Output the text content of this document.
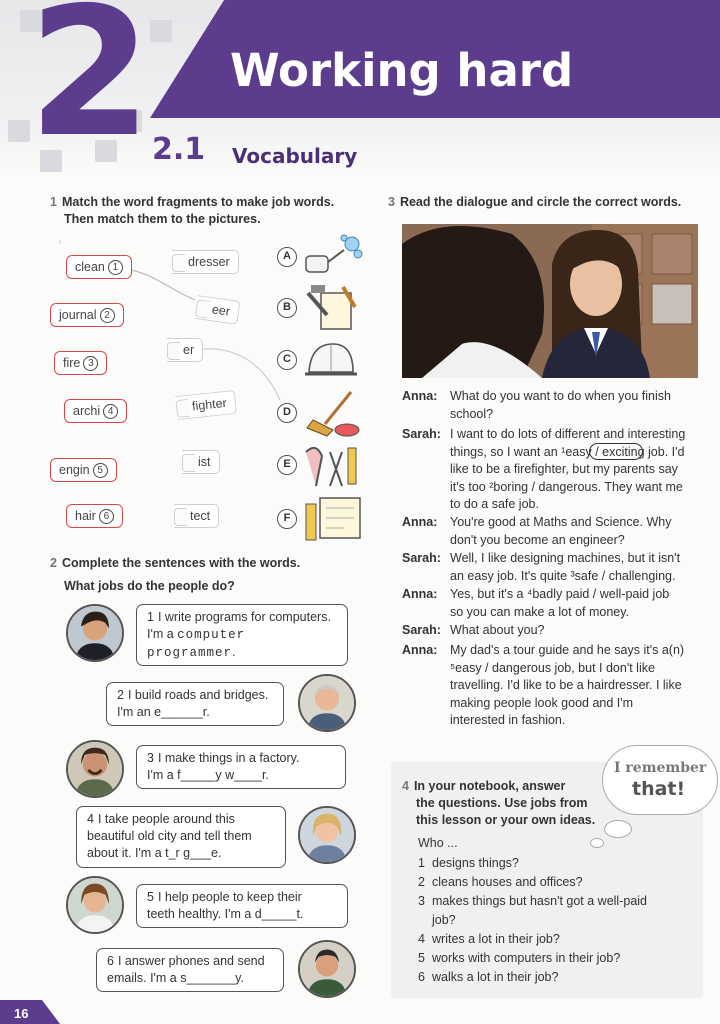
2 Working hard
2.1 Vocabulary
1 Match the word fragments to make job words.
Then match them to the pictures.
clean 1
journal 2
fire 3
archi 4
engin 5
hair 6
dresser
eer
er
fighter
ist
tect
A
B
C
D
E
F
2 Complete the sentences with the words.
What jobs do the people do?
1 I write programs for computers.
I'm a computer
programmer.
2 I build roads and bridges.
I'm an e______r.
3 I make things in a factory.
I'm a f_____y w____r.
4 I take people around this
beautiful old city and tell them
about it. I'm a t_r g___e.
5 I help people to keep their
teeth healthy. I'm a d_____t.
6 I answer phones and send
emails. I'm a s_______y.
3 Read the dialogue and circle the correct words.
Anna: What do you want to do when you finish
school?
Sarah: I want to do lots of different and interesting
things, so I want an ¹easy / exciting job. I'd
like to be a firefighter, but my parents say
it's too ²boring / dangerous. They want me
to do a safe job.
Anna: You're good at Maths and Science. Why
don't you become an engineer?
Sarah: Well, I like designing machines, but it isn't
an easy job. It's quite ³safe / challenging.
Anna: Yes, but it's a ⁴badly paid / well-paid job
so you can make a lot of money.
Sarah: What about you?
Anna: My dad's a tour guide and he says it's a(n)
⁵easy / dangerous job, but I don't like
travelling. I'd like to be a hairdresser. I like
making people look good and I'm
interested in fashion.
I remember
that!
4 In your notebook, answer
the questions. Use jobs from
this lesson or your own ideas.
Who ...
1 designs things?
2 cleans houses and offices?
3 makes things but hasn't got a well-paid
job?
4 writes a lot in their job?
5 works with computers in their job?
6 walks a lot in their job?
16
